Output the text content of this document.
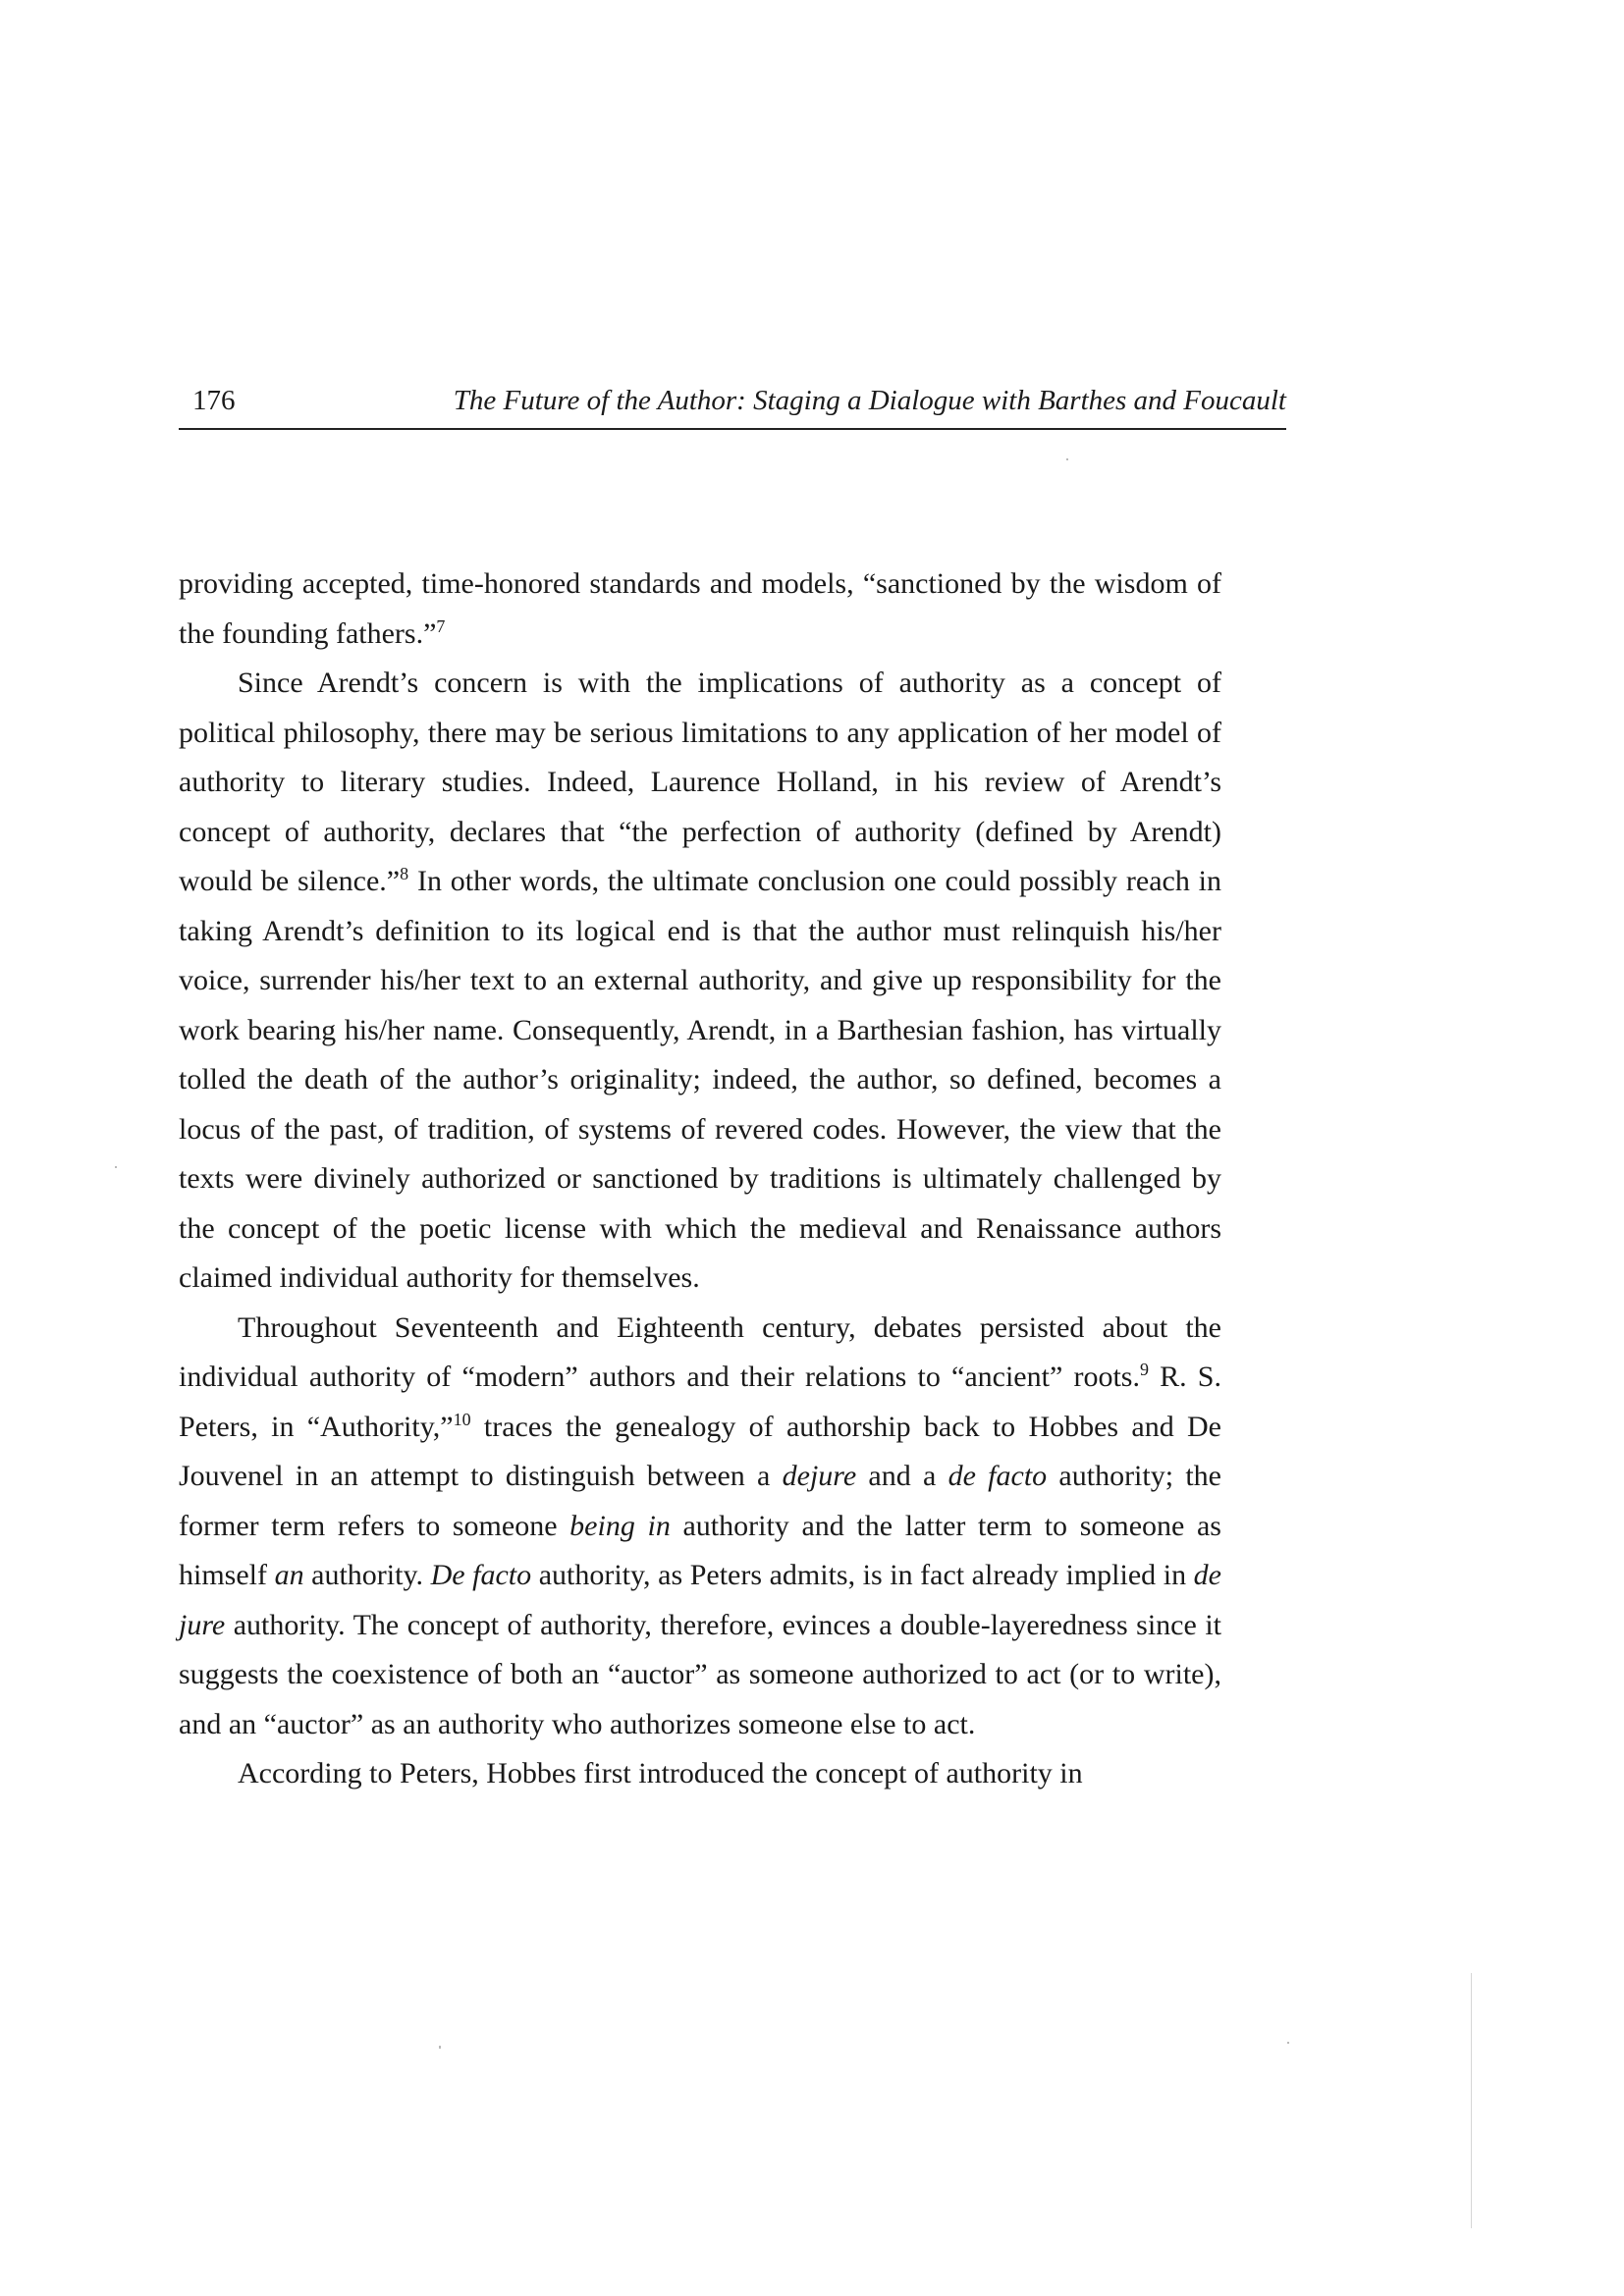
176	The Future of the Author: Staging a Dialogue with Barthes and Foucault

providing accepted, time-honored standards and models, “sanctioned by the wisdom of the founding fathers.”$^7$

Since Arendt’s concern is with the implications of authority as a concept of political philosophy, there may be serious limitations to any application of her model of authority to literary studies. Indeed, Laurence Holland, in his review of Arendt’s concept of authority, declares that “the perfection of authority (defined by Arendt) would be silence.”$^8$ In other words, the ultimate conclusion one could possibly reach in taking Arendt’s definition to its logical end is that the author must relinquish his/her voice, surrender his/her text to an external authority, and give up responsibility for the work bearing his/her name. Consequently, Arendt, in a Barthesian fashion, has virtually tolled the death of the author’s originality; indeed, the author, so defined, becomes a locus of the past, of tradition, of systems of revered codes. However, the view that the texts were divinely authorized or sanctioned by traditions is ultimately challenged by the concept of the poetic license with which the medieval and Renaissance authors claimed individual authority for themselves.

Throughout Seventeenth and Eighteenth century, debates persisted about the individual authority of “modern” authors and their relations to “ancient” roots.$^9$ R. S. Peters, in “Authority,”$^{10}$ traces the genealogy of authorship back to Hobbes and De Jouvenel in an attempt to distinguish between a dejure and a de facto authority; the former term refers to someone being in authority and the latter term to someone as himself an authority. De facto authority, as Peters admits, is in fact already implied in de jure authority. The concept of authority, therefore, evinces a double-layeredness since it suggests the coexistence of both an “auctor” as someone authorized to act (or to write), and an “auctor” as an authority who authorizes someone else to act.

According to Peters, Hobbes first introduced the concept of authority in
